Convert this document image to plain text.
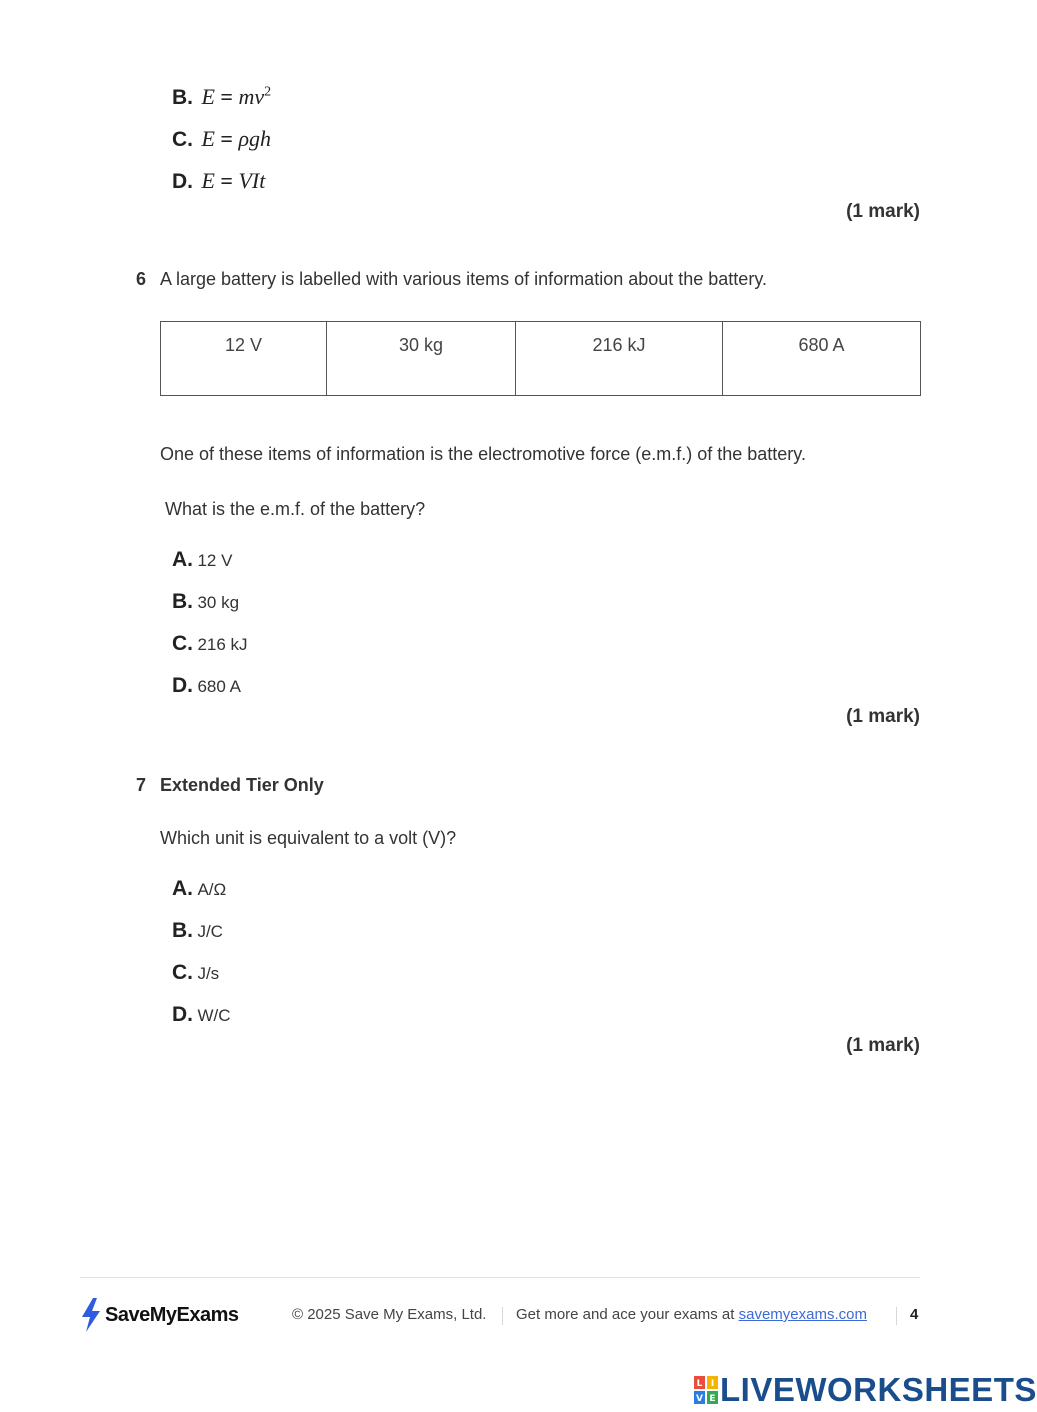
B. $E = mv^2$
C. E = ρgh
D. E = VIt
(1 mark)
6 A large battery is labelled with various items of information about the battery.
12 V	30 kg	216 kJ	680 A
One of these items of information is the electromotive force (e.m.f.) of the battery.
What is the e.m.f. of the battery?
A. 12 V
B. 30 kg
C. 216 kJ
D. 680 A
(1 mark)
7 Extended Tier Only
Which unit is equivalent to a volt (V)?
A. A/Ω
B. J/C
C. J/s
D. W/C
(1 mark)
SaveMyExams	© 2025 Save My Exams, Ltd. Get more and ace your exams at savemyexams.com	4
L I
V E LIVEWORKSHEETS
